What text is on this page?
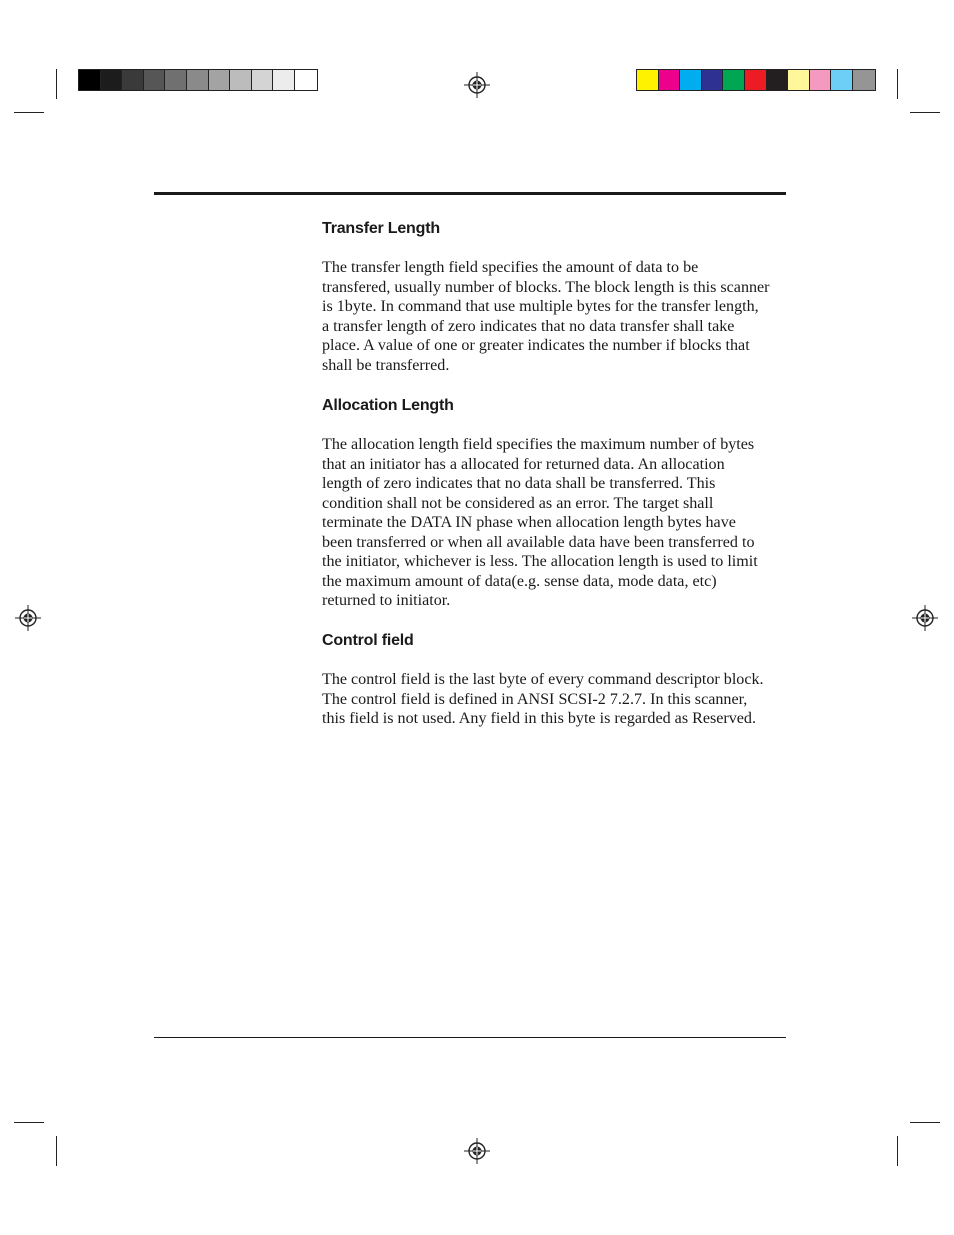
Transfer Length

The transfer length field specifies the amount of data to be
transfered, usually number of blocks. The block length is this scanner
is 1byte. In command that use multiple bytes for the transfer length,
a transfer length of zero indicates that no data transfer shall take
place. A value of one or greater indicates the number if blocks that
shall be transferred.

Allocation Length

The allocation length field specifies the maximum number of bytes
that an initiator has a allocated for returned data. An allocation
length of zero indicates that no data shall be transferred. This
condition shall not be considered as an error. The target shall
terminate the DATA IN phase when allocation length bytes have
been transferred or when all available data have been transferred to
the initiator, whichever is less. The allocation length is used to limit
the maximum amount of data(e.g. sense data, mode data, etc)
returned to initiator.

Control field

The control field is the last byte of every command descriptor block.
The control field is defined in ANSI SCSI-2 7.2.7. In this scanner,
this field is not used. Any field in this byte is regarded as Reserved.
